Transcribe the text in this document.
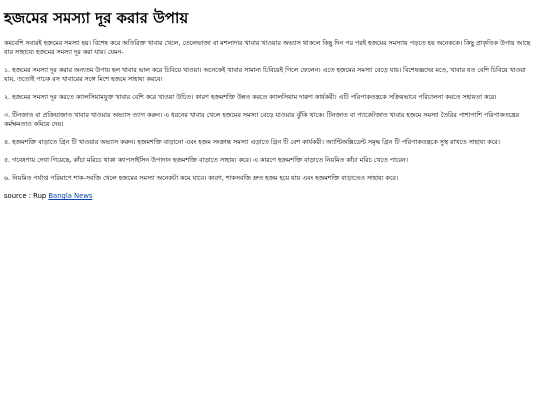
হজমের সমস্যা দূর করার উপায়

কমবেশি সবারই হজমের সমস্যা হয়। বিশেষ করে অতিরিক্ত খাবার খেলে, তেলেভাজা বা মশলাদার খাবার খাওয়ার অভ্যাস থাকলে কিছু দিন পর পরই হজমের সমস্যায় পড়তে হয় অনেককে। কিছু প্রাকৃতিক উপায় আছে যার সাহায্যে হজমের সমস্যা দূর করা যায়। যেমন-

১. হজমের সমস্যা দূর করার অন্যতম উপায় হল খাবার ভাল করে চিবিয়ে খাওয়া। অনেকেই খাবার সামান্য চিবিয়েই গিলে ফেলেন। এতে হজমের সমস্যা বেড়ে যায়। বিশেষজ্ঞদের মতে, খাবার যত বেশি চিবিয়ে খাওয়া যায়, ততোই পাচক রস খাবারের সঙ্গে মিশে হজমে সাহায্য করবে।

২. হজমের সমস্যা দূর করতে ক্যালসিয়ামযুক্ত খাবার বেশি করে খাওয়া উচিত। কারণ হজমশক্তি উন্নত করতে ক্যালসিয়াম দারুণ কার্যকরী। এটি পরিপাকতন্ত্রকে সক্রিয়ভাবে পরিচালনা করতে সহায়তা করে।

৩. টিনজাত বা প্রক্রিয়াজাত খাবার খাওয়ার অভ্যাস ত্যাগ করুন। এ ধরনের খাবার খেলে হজমের সমস্যা বেড়ে যাওয়ার ঝুঁকি থাকে। টিনজাত বা প্যাকেটজাত খাবার হজমে সমস্যা তৈরির পাশাপাশি পরিপাকতন্ত্রের কর্মক্ষমতাও কমিয়ে দেয়।

৪. হজমশক্তি বাড়াতে গ্রিন টি খাওয়ার অভ্যাস করুন। হজমশক্তি বাড়ানো এবং হজম সংক্রান্ত সমস্যা এড়াতে গ্রিন টি বেশ কার্যকরী। অ্যান্টিঅক্সিডেন্ট সমৃদ্ধ গ্রিন টি পরিপাকতন্ত্রকে সুস্থ রাখতে সাহায্য করে।

৫. গবেষণায় দেখা গিয়েছে, কাঁচা মরিচে থাকা ক্যাপসাইসিন উপাদান হজমশক্তি বাড়াতে সাহায্য করে। এ কারণে হজমশক্তি বাড়াতে নিয়মিত কাঁচা মরিচ খেতে পারেন।

৬. নিয়মিত পর্যাপ্ত পরিমাণে শাক-সবজি খেলে হজমের সমস্যা অনেকটা কমে যাবে। কারণ, শাকসবজি দ্রুত হজম হয়ে যায় এবং হজমশক্তি বাড়াতেও সাহায্য করে।

source : Rup Bangla News
